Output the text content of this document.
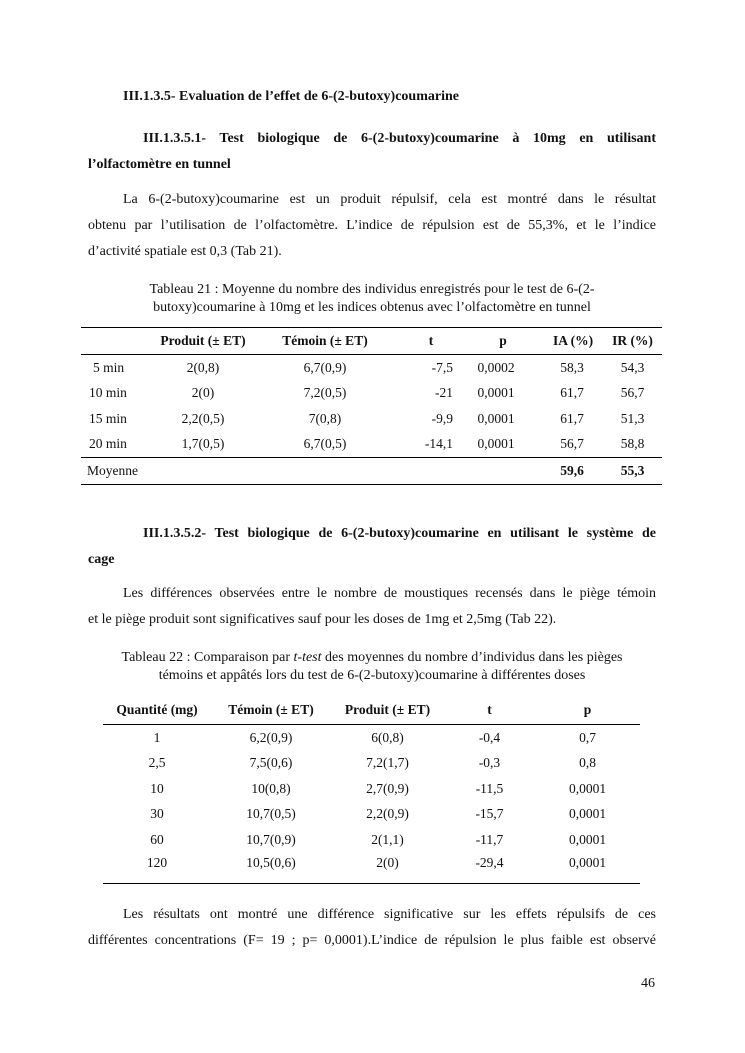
III.1.3.5- Evaluation de l’effet de 6-(2-butoxy)coumarine
III.1.3.5.1- Test biologique de 6-(2-butoxy)coumarine à 10mg en utilisant
l’olfactomètre en tunnel
La 6-(2-butoxy)coumarine est un produit répulsif, cela est montré dans le résultat
obtenu par l’utilisation de l’olfactomètre. L’indice de répulsion est de 55,3%, et le l’indice
d’activité spatiale est 0,3 (Tab 21).
Tableau 21 : Moyenne du nombre des individus enregistrés pour le test de 6-(2-
butoxy)coumarine à 10mg et les indices obtenus avec l’olfactomètre en tunnel
	Produit (± ET)	Témoin (± ET)	t	p	IA (%)	IR (%)
5 min	2(0,8)	6,7(0,9)	-7,5	0,0002	58,3	54,3
10 min	2(0)	7,2(0,5)	-21	0,0001	61,7	56,7
15 min	2,2(0,5)	7(0,8)	-9,9	0,0001	61,7	51,3
20 min	1,7(0,5)	6,7(0,5)	-14,1	0,0001	56,7	58,8
Moyenne					59,6	55,3
III.1.3.5.2- Test biologique de 6-(2-butoxy)coumarine en utilisant le système de
cage
Les différences observées entre le nombre de moustiques recensés dans le piège témoin
et le piège produit sont significatives sauf pour les doses de 1mg et 2,5mg (Tab 22).
Tableau 22 : Comparaison par t-test des moyennes du nombre d’individus dans les pièges
témoins et appâtés lors du test de 6-(2-butoxy)coumarine à différentes doses
Quantité (mg)	Témoin (± ET)	Produit (± ET)	t	p
1	6,2(0,9)	6(0,8)	-0,4	0,7
2,5	7,5(0,6)	7,2(1,7)	-0,3	0,8
10	10(0,8)	2,7(0,9)	-11,5	0,0001
30	10,7(0,5)	2,2(0,9)	-15,7	0,0001
60	10,7(0,9)	2(1,1)	-11,7	0,0001
120	10,5(0,6)	2(0)	-29,4	0,0001
Les résultats ont montré une différence significative sur les effets répulsifs de ces
différentes concentrations (F= 19 ; p= 0,0001).L’indice de répulsion le plus faible est observé
46
